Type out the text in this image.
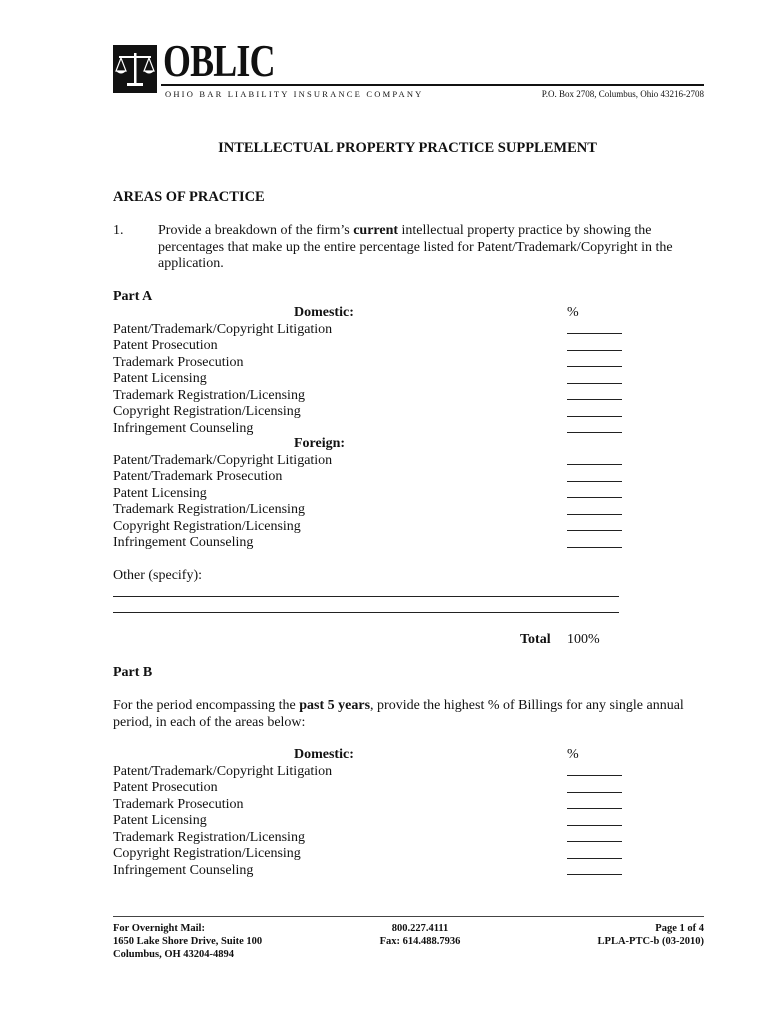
OBLIC
OHIO BAR LIABILITY INSURANCE COMPANY	P.O. Box 2708, Columbus, Ohio 43216-2708
INTELLECTUAL PROPERTY PRACTICE SUPPLEMENT
AREAS OF PRACTICE
1. Provide a breakdown of the firm’s current intellectual property practice by showing the
percentages that make up the entire percentage listed for Patent/Trademark/Copyright in the
application.
Part A
Domestic:	%
Patent/Trademark/Copyright Litigation
Patent Prosecution
Trademark Prosecution
Patent Licensing
Trademark Registration/Licensing
Copyright Registration/Licensing
Infringement Counseling
Foreign:
Patent/Trademark/Copyright Litigation
Patent/Trademark Prosecution
Patent Licensing
Trademark Registration/Licensing
Copyright Registration/Licensing
Infringement Counseling
Other (specify):
Total 100%
Part B
For the period encompassing the past 5 years, provide the highest % of Billings for any single annual
period, in each of the areas below:
Domestic:	%
Patent/Trademark/Copyright Litigation
Patent Prosecution
Trademark Prosecution
Patent Licensing
Trademark Registration/Licensing
Copyright Registration/Licensing
Infringement Counseling
For Overnight Mail:
1650 Lake Shore Drive, Suite 100
Columbus, OH 43204-4894
800.227.4111
Fax: 614.488.7936
Page 1 of 4
LPLA-PTC-b (03-2010)
